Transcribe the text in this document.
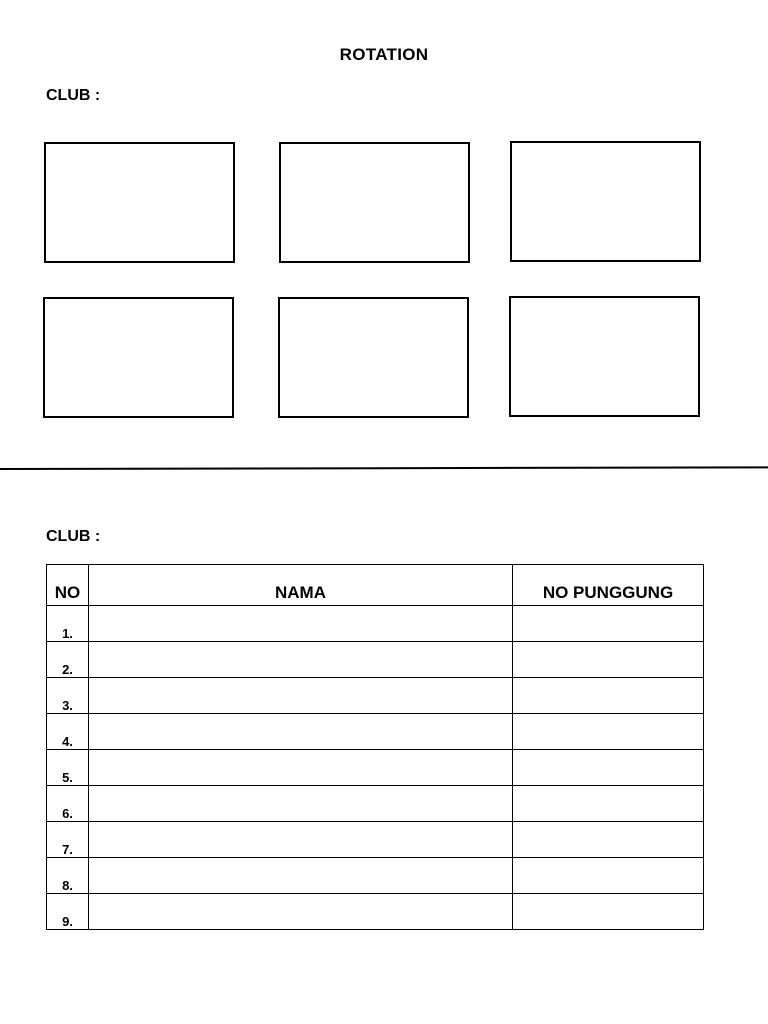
ROTATION
CLUB :
CLUB :
NO	NAMA	NO PUNGGUNG
1.		
2.		
3.		
4.		
5.		
6.		
7.		
8.		
9.		
